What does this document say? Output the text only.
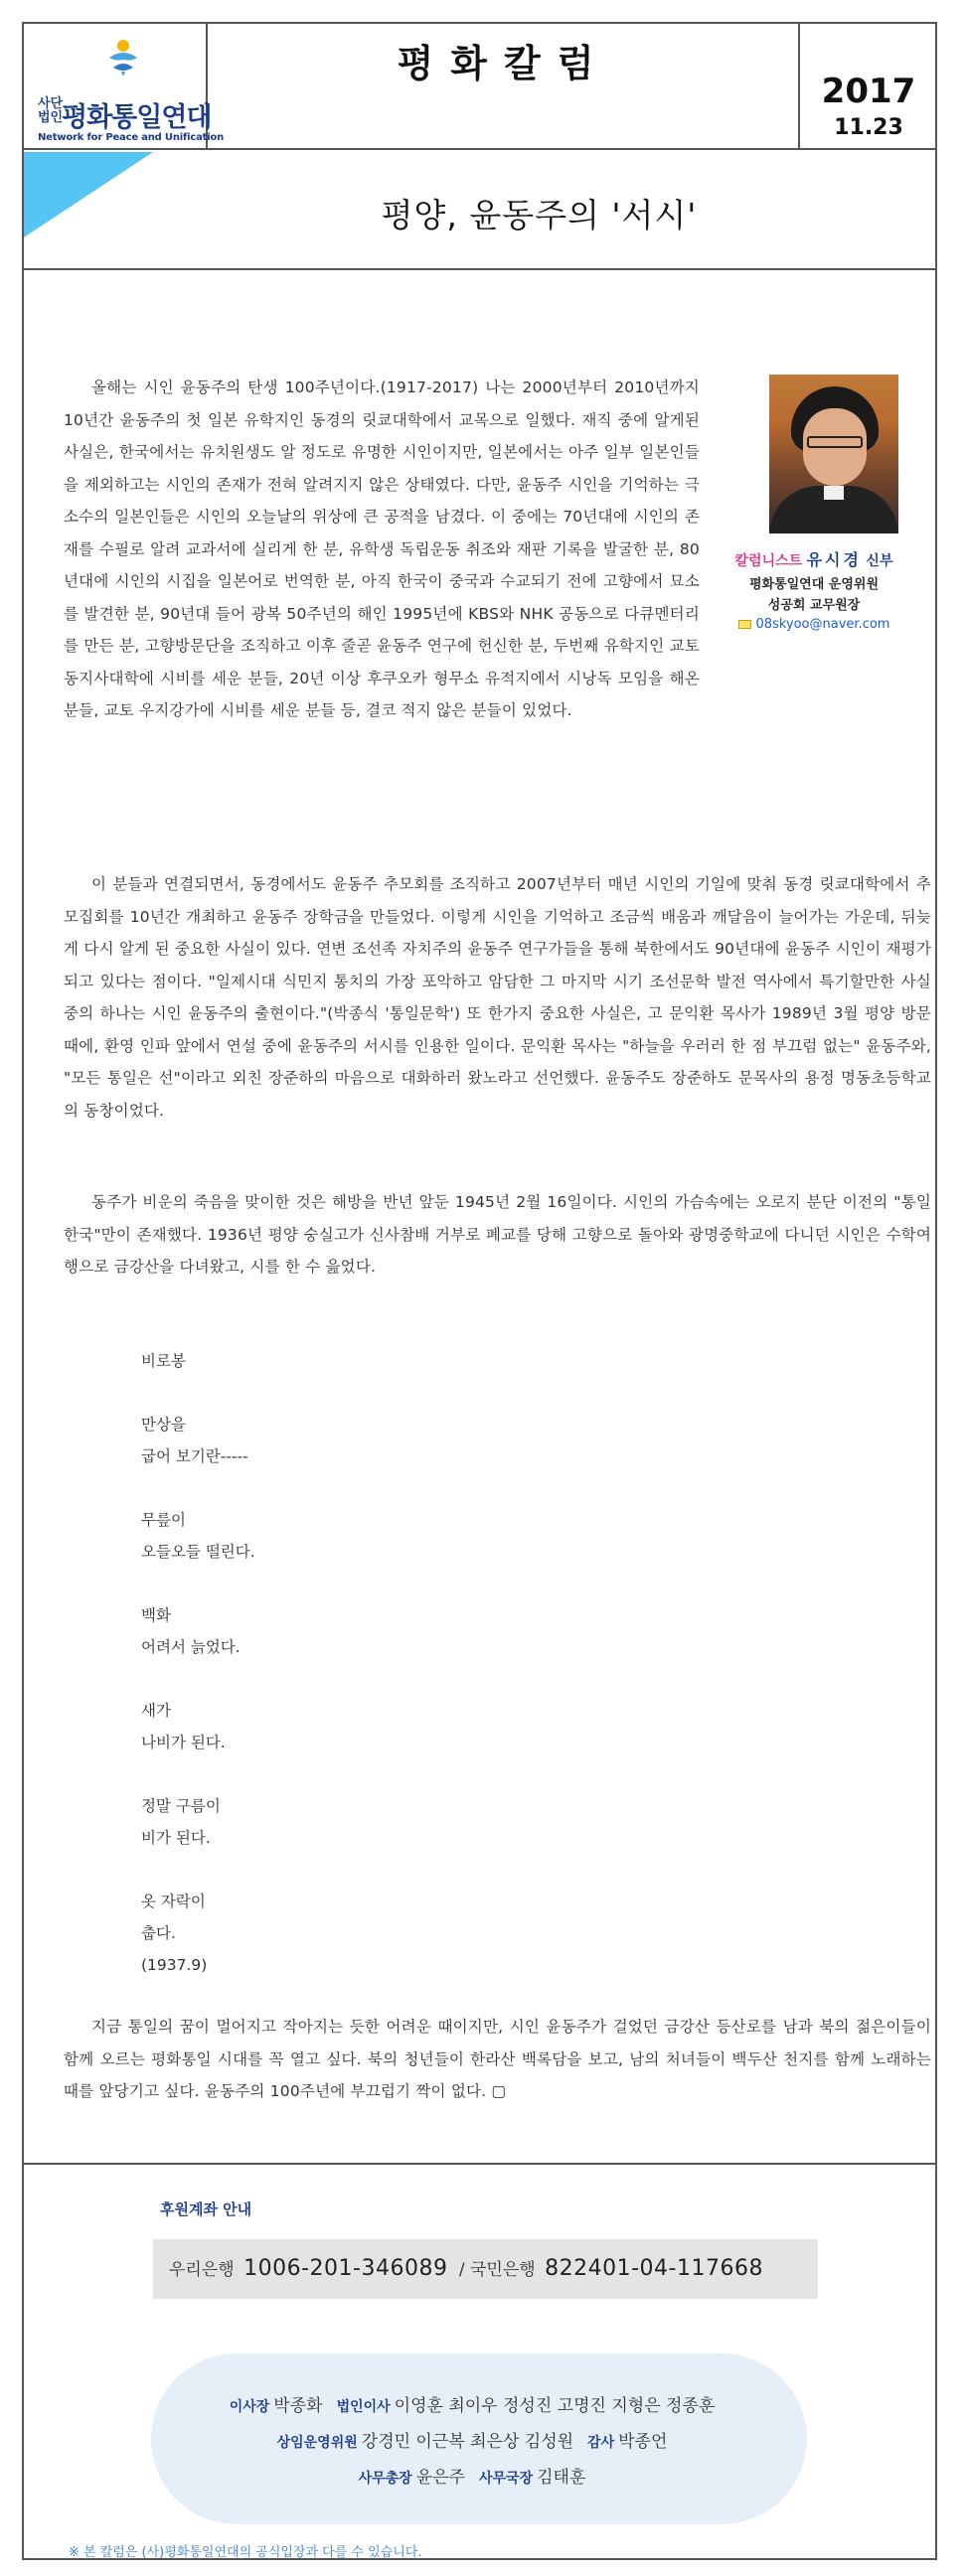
사단
법인
평화통일연대
Network for Peace and Unification
평화칼럼
2017
11.23
평양, 윤동주의 '서시'
칼럼니스트 유시경 신부
평화통일연대 운영위원
성공회 교무원장
08skyoo@naver.com
올해는 시인 윤동주의 탄생 100주년이다.(1917-2017) 나는 2000년부터 2010년까지 10년간 윤동주의 첫 일본 유학지인 동경의 릿쿄대학에서 교목으로 일했다. 재직 중에 알게된 사실은, 한국에서는 유치원생도 알 정도로 유명한 시인이지만, 일본에서는 아주 일부 일본인들을 제외하고는 시인의 존재가 전혀 알려지지 않은 상태였다. 다만, 윤동주 시인을 기억하는 극소수의 일본인들은 시인의 오늘날의 위상에 큰 공적을 남겼다. 이 중에는 70년대에 시인의 존재를 수필로 알려 교과서에 실리게 한 분, 유학생 독립운동 취조와 재판 기록을 발굴한 분, 80년대에 시인의 시집을 일본어로 번역한 분, 아직 한국이 중국과 수교되기 전에 고향에서 묘소를 발견한 분, 90년대 들어 광복 50주년의 해인 1995년에 KBS와 NHK 공동으로 다큐멘터리를 만든 분, 고향방문단을 조직하고 이후 줄곧 윤동주 연구에 헌신한 분, 두번째 유학지인 교토 동지사대학에 시비를 세운 분들, 20년 이상 후쿠오카 형무소 유적지에서 시낭독 모임을 해온 분들, 교토 우지강가에 시비를 세운 분들 등, 결코 적지 않은 분들이 있었다.
이 분들과 연결되면서, 동경에서도 윤동주 추모회를 조직하고 2007년부터 매년 시인의 기일에 맞춰 동경 릿쿄대학에서 추모집회를 10년간 개최하고 윤동주 장학금을 만들었다. 이렇게 시인을 기억하고 조금씩 배움과 깨달음이 늘어가는 가운데, 뒤늦게 다시 알게 된 중요한 사실이 있다. 연변 조선족 자치주의 윤동주 연구가들을 통해 북한에서도 90년대에 윤동주 시인이 재평가되고 있다는 점이다. "일제시대 식민지 통치의 가장 포악하고 암담한 그 마지막 시기 조선문학 발전 역사에서 특기할만한 사실 중의 하나는 시인 윤동주의 출현이다."(박종식 '통일문학') 또 한가지 중요한 사실은, 고 문익환 목사가 1989년 3월 평양 방문 때에, 환영 인파 앞에서 연설 중에 윤동주의 서시를 인용한 일이다. 문익환 목사는 "하늘을 우러러 한 점 부끄럼 없는" 윤동주와, "모든 통일은 선"이라고 외친 장준하의 마음으로 대화하러 왔노라고 선언했다. 윤동주도 장준하도 문목사의 용정 명동초등학교의 동창이었다.
동주가 비운의 죽음을 맞이한 것은 해방을 반년 앞둔 1945년 2월 16일이다. 시인의 가슴속에는 오로지 분단 이전의 "통일 한국"만이 존재했다. 1936년 평양 숭실고가 신사참배 거부로 폐교를 당해 고향으로 돌아와 광명중학교에 다니던 시인은 수학여행으로 금강산을 다녀왔고, 시를 한 수 읊었다.
비로봉
만상을
굽어 보기란-----
무릎이
오들오들 떨린다.
백화
어려서 늙었다.
새가
나비가 된다.
정말 구름이
비가 된다.
옷 자락이
춥다.
(1937.9)
지금 통일의 꿈이 멀어지고 작아지는 듯한 어려운 때이지만, 시인 윤동주가 걸었던 금강산 등산로를 남과 북의 젊은이들이 함께 오르는 평화통일 시대를 꼭 열고 싶다. 북의 청년들이 한라산 백록담을 보고, 남의 처녀들이 백두산 천지를 함께 노래하는 때를 앞당기고 싶다. 윤동주의 100주년에 부끄럽기 짝이 없다. ▢
후원계좌 안내
우리은행 1006-201-346089 / 국민은행 822401-04-117668
이사장 박종화 법인이사 이영훈 최이우 정성진 고명진 지형은 정종훈
상임운영위원 강경민 이근복 최은상 김성원 감사 박종언
사무총장 윤은주 사무국장 김태훈
※ 본 칼럼은 (사)평화통일연대의 공식입장과 다를 수 있습니다.
